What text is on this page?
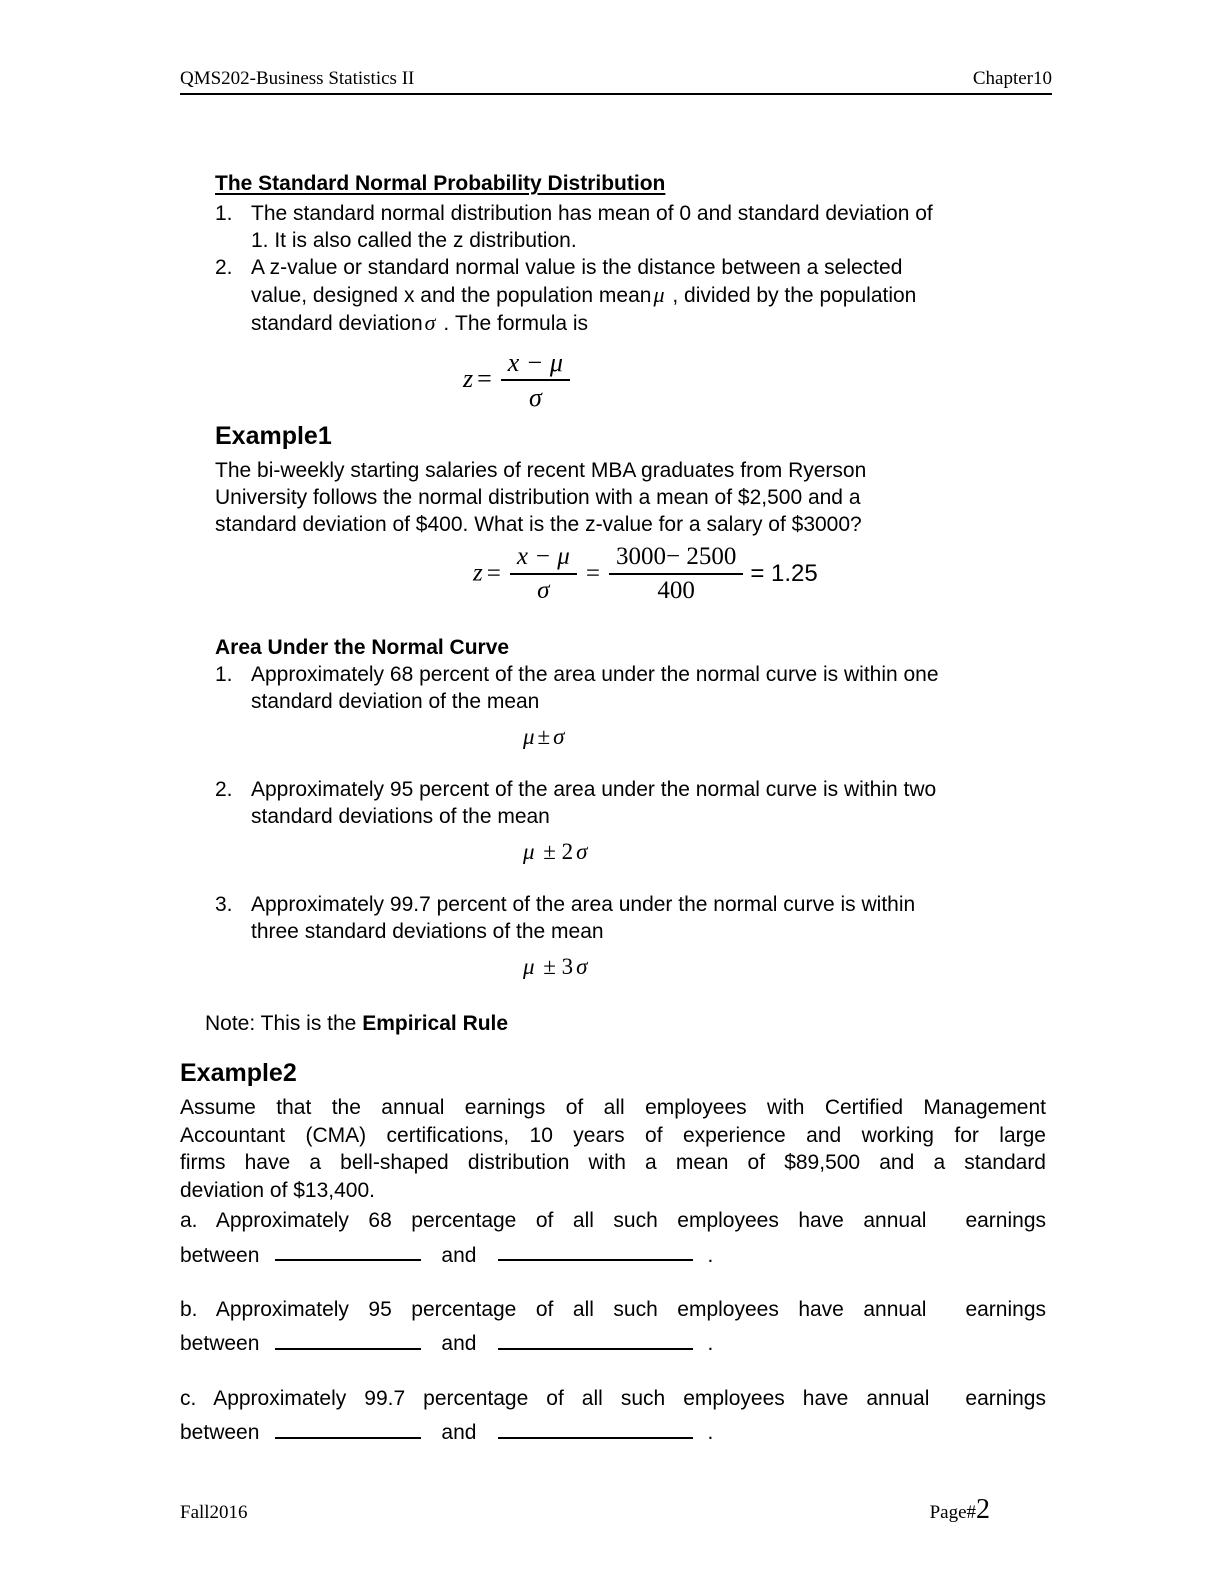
QMS202-Business Statistics II	Chapter10
The Standard Normal Probability Distribution
1. The standard normal distribution has mean of 0 and standard deviation of
1. It is also called the z distribution.
2. A z-value or standard normal value is the distance between a selected
value, designed x and the population meanμ , divided by the population
standard deviationσ . The formula is
$z = \frac{x - \mu}{\sigma}$
Example1
The bi-weekly starting salaries of recent MBA graduates from Ryerson
University follows the normal distribution with a mean of $2,500 and a
standard deviation of $400. What is the z-value for a salary of $3000?
$z = \frac{x - \mu}{\sigma} = \frac{3000- 2500}{400} = 1.25$
Area Under the Normal Curve
1. Approximately 68 percent of the area under the normal curve is within one
standard deviation of the mean
μ ± σ
2. Approximately 95 percent of the area under the normal curve is within two
standard deviations of the mean
μ ± 2 σ
3. Approximately 99.7 percent of the area under the normal curve is within
three standard deviations of the mean
μ ± 3 σ
Note: This is the Empirical Rule
Example2
Assume that the annual earnings of all employees with Certified Management
Accountant (CMA) certifications, 10 years of experience and working for large
firms have a bell-shaped distribution with a mean of $89,500 and a standard
deviation of $13,400.
a. Approximately 68 percentage of all such employees have annual  earnings
between	and	.
b. Approximately 95 percentage of all such employees have annual  earnings
between	and	.
c. Approximately 99.7 percentage of all such employees have annual  earnings
between	and	.
Fall2016	Page#2
